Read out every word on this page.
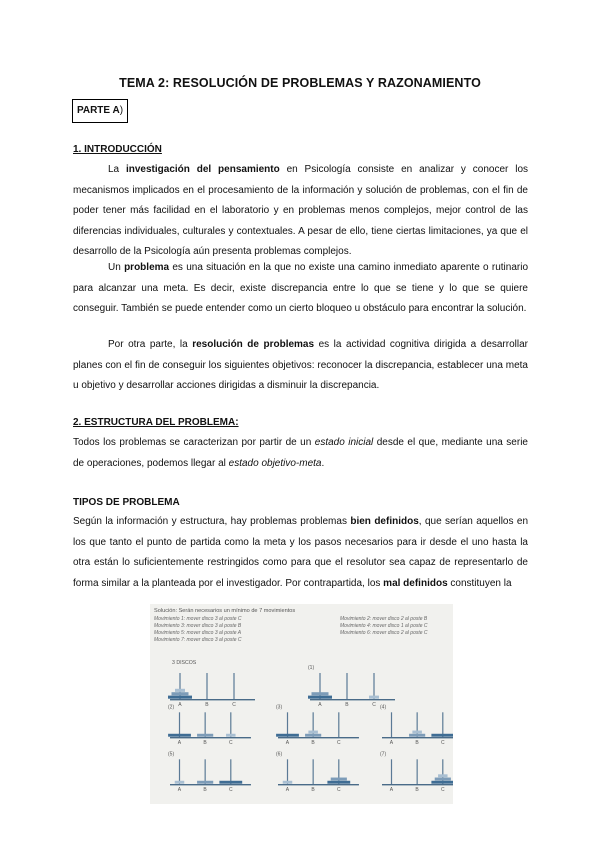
TEMA 2: RESOLUCIÓN DE PROBLEMAS Y RAZONAMIENTO
PARTE A)
1. INTRODUCCIÓN

La investigación del pensamiento en Psicología consiste en analizar y conocer los mecanismos implicados en el procesamiento de la información y solución de problemas, con el fin de poder tener más facilidad en el laboratorio y en problemas menos complejos, mejor control de las diferencias individuales, culturales y contextuales. A pesar de ello, tiene ciertas limitaciones, ya que el desarrollo de la Psicología aún presenta problemas complejos.

Un problema es una situación en la que no existe una camino inmediato aparente o rutinario para alcanzar una meta. Es decir, existe discrepancia entre lo que se tiene y lo que se quiere conseguir. También se puede entender como un cierto bloqueo u obstáculo para encontrar la solución.

Por otra parte, la resolución de problemas es la actividad cognitiva dirigida a desarrollar planes con el fin de conseguir los siguientes objetivos: reconocer la discrepancia, establecer una meta u objetivo y desarrollar acciones dirigidas a disminuir la discrepancia.

2. ESTRUCTURA DEL PROBLEMA:

Todos los problemas se caracterizan por partir de un estado inicial desde el que, mediante una serie de operaciones, podemos llegar al estado objetivo-meta.

TIPOS DE PROBLEMA

Según la información y estructura, hay problemas problemas bien definidos, que serían aquellos en los que tanto el punto de partida como la meta y los pasos necesarios para ir desde el uno hasta la otra están lo suficientemente restringidos como para que el resolutor sea capaz de representarlo de forma similar a la planteada por el investigador. Por contrapartida, los mal definidos constituyen la

Solución: Serán necesarios un mínimo de 7 movimientos
Movimiento 1: mover disco 3 al poste C
Movimiento 3: mover disco 3 al poste B
Movimiento 5: mover disco 3 al poste A
Movimiento 7: mover disco 3 al poste C
Movimiento 2: mover disco 2 al poste B
Movimiento 4: mover disco 1 al poste C
Movimiento 6: mover disco 2 al poste C
3 DISCOS
A	B	C
(1)
A	B	C
(2)
A	B	C
(3)
A	B	C
(4)
A	B	C
(5)
A	B	C
(6)
A	B	C
(7)
A	B	C
